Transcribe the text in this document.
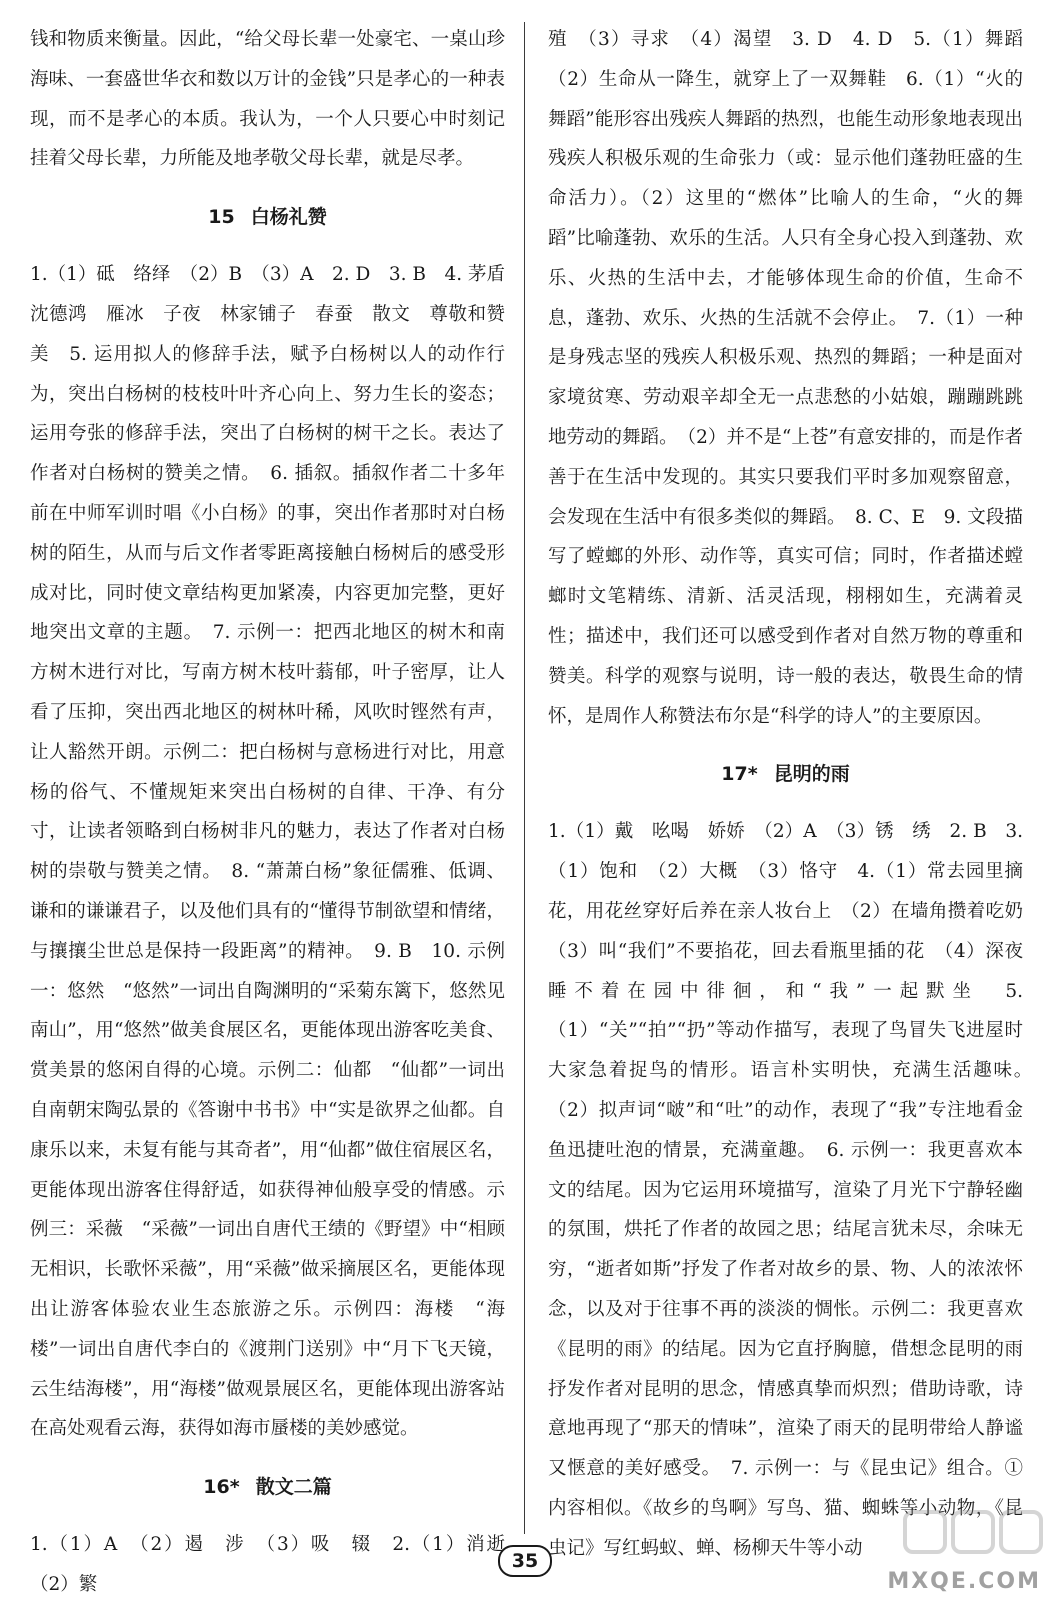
钱和物质来衡量。因此，“给父母长辈一处豪宅、一桌山珍海味、一套盛世华衣和数以万计的金钱”只是孝心的一种表现，而不是孝心的本质。我认为，一个人只要心中时刻记挂着父母长辈，力所能及地孝敬父母长辈，就是尽孝。

15 白杨礼赞

1.（1）砥　络绎　（2）B　（3）A　2. D　3. B　4. 茅盾　沈德鸿　雁冰　子夜　林家铺子　春蚕　散文　尊敬和赞美　5. 运用拟人的修辞手法，赋予白杨树以人的动作行为，突出白杨树的枝枝叶叶齐心向上、努力生长的姿态；运用夸张的修辞手法，突出了白杨树的树干之长。表达了作者对白杨树的赞美之情。　6. 插叙。插叙作者二十多年前在中师军训时唱《小白杨》的事，突出作者那时对白杨树的陌生，从而与后文作者零距离接触白杨树后的感受形成对比，同时使文章结构更加紧凑，内容更加完整，更好地突出文章的主题。　7. 示例一：把西北地区的树木和南方树木进行对比，写南方树木枝叶蓊郁，叶子密厚，让人看了压抑，突出西北地区的树林叶稀，风吹时铿然有声，让人豁然开朗。示例二：把白杨树与意杨进行对比，用意杨的俗气、不懂规矩来突出白杨树的自律、干净、有分寸，让读者领略到白杨树非凡的魅力，表达了作者对白杨树的崇敬与赞美之情。　8. “萧萧白杨”象征儒雅、低调、谦和的谦谦君子，以及他们具有的“懂得节制欲望和情绪，与攘攘尘世总是保持一段距离”的精神。　9. B　10. 示例一：悠然　“悠然”一词出自陶渊明的“采菊东篱下，悠然见南山”，用“悠然”做美食展区名，更能体现出游客吃美食、赏美景的悠闲自得的心境。示例二：仙都　“仙都”一词出自南朝宋陶弘景的《答谢中书书》中“实是欲界之仙都。自康乐以来，未复有能与其奇者”，用“仙都”做住宿展区名，更能体现出游客住得舒适，如获得神仙般享受的情感。示例三：采薇　“采薇”一词出自唐代王绩的《野望》中“相顾无相识，长歌怀采薇”，用“采薇”做采摘展区名，更能体现出让游客体验农业生态旅游之乐。示例四：海楼　“海楼”一词出自唐代李白的《渡荆门送别》中“月下飞天镜，云生结海楼”，用“海楼”做观景展区名，更能体现出游客站在高处观看云海，获得如海市蜃楼的美妙感觉。

16* 散文二篇

1.（1）A　（2）遏　涉　（3）吸　辍　2.（1）消逝　（2）繁

殖　（3）寻求　（4）渴望　3. D　4. D　5.（1）舞蹈　（2）生命从一降生，就穿上了一双舞鞋　6.（1）“火的舞蹈”能形容出残疾人舞蹈的热烈，也能生动形象地表现出残疾人积极乐观的生命张力（或：显示他们蓬勃旺盛的生命活力）。（2）这里的“燃体”比喻人的生命，“火的舞蹈”比喻蓬勃、欢乐的生活。人只有全身心投入到蓬勃、欢乐、火热的生活中去，才能够体现生命的价值，生命不息，蓬勃、欢乐、火热的生活就不会停止。　7.（1）一种是身残志坚的残疾人积极乐观、热烈的舞蹈；一种是面对家境贫寒、劳动艰辛却全无一点悲愁的小姑娘，蹦蹦跳跳地劳动的舞蹈。　（2）并不是“上苍”有意安排的，而是作者善于在生活中发现的。其实只要我们平时多加观察留意，会发现在生活中有很多类似的舞蹈。　8. C、E　9. 文段描写了螳螂的外形、动作等，真实可信；同时，作者描述螳螂时文笔精练、清新、活灵活现，栩栩如生，充满着灵性；描述中，我们还可以感受到作者对自然万物的尊重和赞美。科学的观察与说明，诗一般的表达，敬畏生命的情怀，是周作人称赞法布尔是“科学的诗人”的主要原因。

17* 昆明的雨

1.（1）戴　吆喝　娇娇　（2）A　（3）锈　绣　2. B　3.（1）饱和　（2）大概　（3）恪守　4.（1）常去园里摘花，用花丝穿好后养在亲人妆台上　（2）在墙角攒着吃奶　（3）叫“我们”不要掐花，回去看瓶里插的花　（4）深夜睡不着在园中徘徊，和“我”一起默坐　5.（1）“关”“拍”“扔”等动作描写，表现了鸟冒失飞进屋时大家急着捉鸟的情形。语言朴实明快，充满生活趣味。　（2）拟声词“啵”和“吐”的动作，表现了“我”专注地看金鱼迅捷吐泡的情景，充满童趣。　6. 示例一：我更喜欢本文的结尾。因为它运用环境描写，渲染了月光下宁静轻幽的氛围，烘托了作者的故园之思；结尾言犹未尽，余味无穷，“逝者如斯”抒发了作者对故乡的景、物、人的浓浓怀念，以及对于往事不再的淡淡的惆怅。示例二：我更喜欢《昆明的雨》的结尾。因为它直抒胸臆，借想念昆明的雨抒发作者对昆明的思念，情感真挚而炽烈；借助诗歌，诗意地再现了“那天的情味”，渲染了雨天的昆明带给人静谧又惬意的美好感受。　7. 示例一：与《昆虫记》组合。①内容相似。《故乡的鸟啊》写鸟、猫、蜘蛛等小动物，《昆虫记》写红蚂蚁、蝉、杨柳天牛等小动

35
MXQE.COM
